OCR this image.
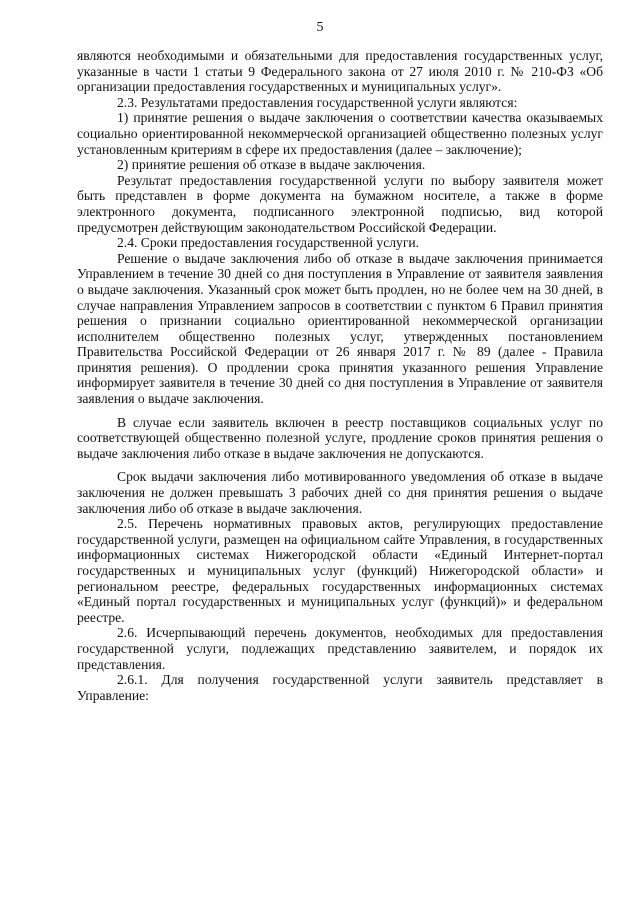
5

являются необходимыми и обязательными для предоставления государственных услуг, указанные в части 1 статьи 9 Федерального закона от 27 июля 2010 г. № 210-ФЗ «Об организации предоставления государственных и муниципальных услуг».

2.3. Результатами предоставления государственной услуги являются:

1) принятие решения о выдаче заключения о соответствии качества оказываемых социально ориентированной некоммерческой организацией общественно полезных услуг установленным критериям в сфере их предоставления (далее – заключение);

2) принятие решения об отказе в выдаче заключения.

Результат предоставления государственной услуги по выбору заявителя может быть представлен в форме документа на бумажном носителе, а также в форме электронного документа, подписанного электронной подписью, вид которой предусмотрен действующим законодательством Российской Федерации.

2.4. Сроки предоставления государственной услуги.

Решение о выдаче заключения либо об отказе в выдаче заключения принимается Управлением в течение 30 дней со дня поступления в Управление от заявителя заявления о выдаче заключения. Указанный срок может быть продлен, но не более чем на 30 дней, в случае направления Управлением запросов в соответствии с пунктом 6 Правил принятия решения о признании социально ориентированной некоммерческой организации исполнителем общественно полезных услуг, утвержденных постановлением Правительства Российской Федерации от 26 января 2017 г. № 89 (далее - Правила принятия решения). О продлении срока принятия указанного решения Управление информирует заявителя в течение 30 дней со дня поступления в Управление от заявителя заявления о выдаче заключения.

В случае если заявитель включен в реестр поставщиков социальных услуг по соответствующей общественно полезной услуге, продление сроков принятия решения о выдаче заключения либо отказе в выдаче заключения не допускаются.

Срок выдачи заключения либо мотивированного уведомления об отказе в выдаче заключения не должен превышать 3 рабочих дней со дня принятия решения о выдаче заключения либо об отказе в выдаче заключения.

2.5. Перечень нормативных правовых актов, регулирующих предоставление государственной услуги, размещен на официальном сайте Управления, в государственных информационных системах Нижегородской области «Единый Интернет-портал государственных и муниципальных услуг (функций) Нижегородской области» и региональном реестре, федеральных государственных информационных системах «Единый портал государственных и муниципальных услуг (функций)» и федеральном реестре.

2.6. Исчерпывающий перечень документов, необходимых для предоставления государственной услуги, подлежащих представлению заявителем, и порядок их представления.

2.6.1. Для получения государственной услуги заявитель представляет в Управление:
